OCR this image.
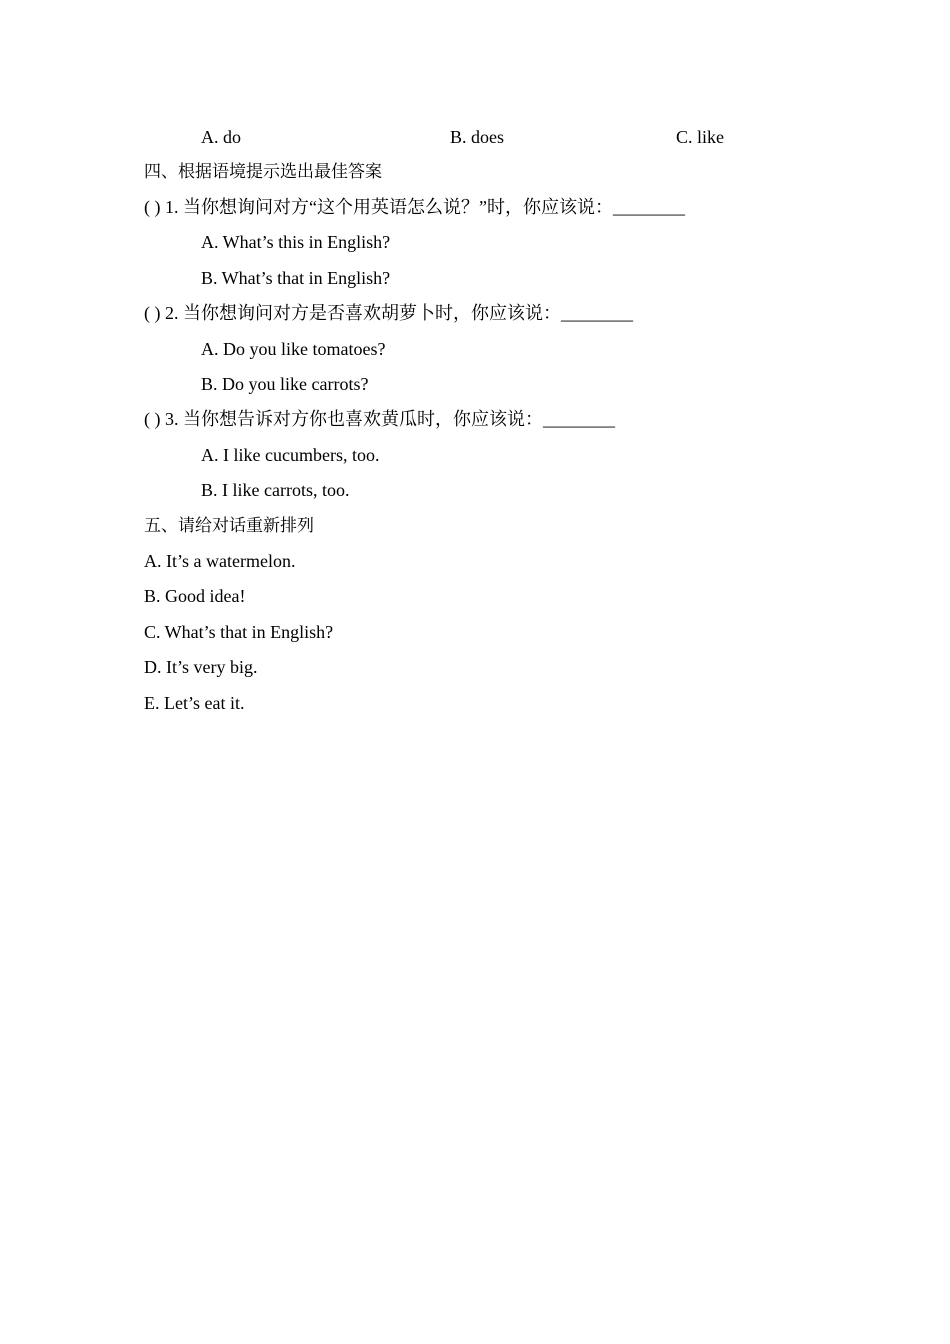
A. do	B. does	C. like
四、根据语境提示选出最佳答案
( ) 1. 当你想询问对方“这个用英语怎么说？”时，你应该说：________
A. What’s this in English?
B. What’s that in English?
( ) 2. 当你想询问对方是否喜欢胡萝卜时，你应该说：________
A. Do you like tomatoes?
B. Do you like carrots?
( ) 3. 当你想告诉对方你也喜欢黄瓜时，你应该说：________
A. I like cucumbers, too.
B. I like carrots, too.
五、请给对话重新排列
A. It’s a watermelon.
B. Good idea!
C. What’s that in English?
D. It’s very big.
E. Let’s eat it.
